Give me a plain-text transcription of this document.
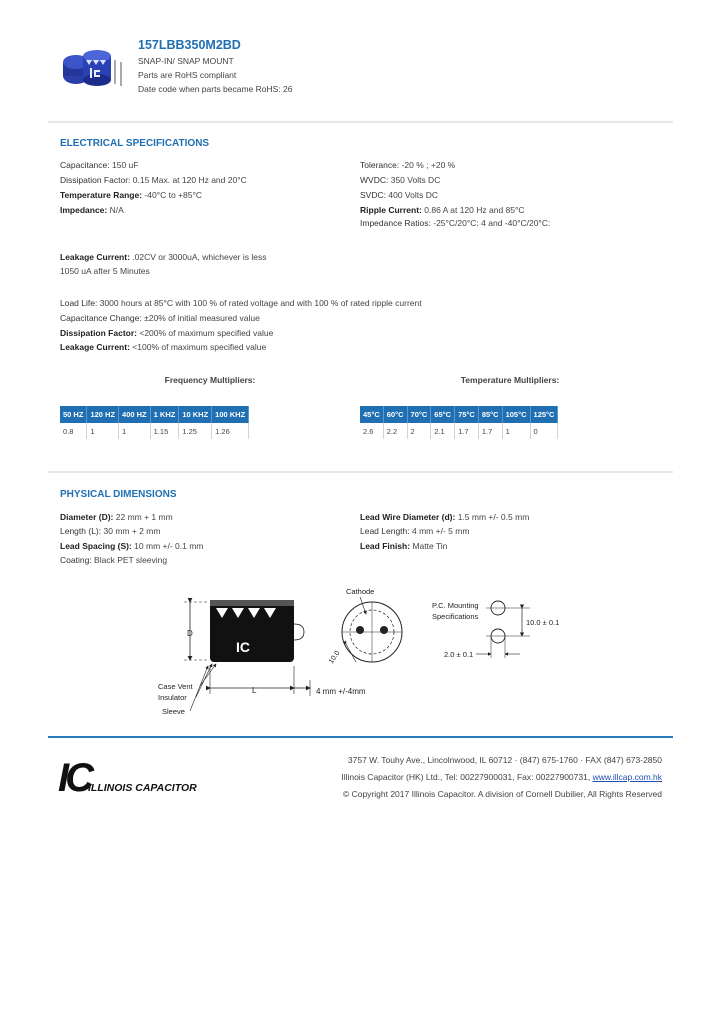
157LBB350M2BD
SNAP-IN/ SNAP MOUNT
Parts are RoHS compliant
Date code when parts became RoHS: 26
ELECTRICAL SPECIFICATIONS
Capacitance: 150 uF
Dissipation Factor: 0.15 Max. at 120 Hz and 20°C
Temperature Range: -40°C to +85°C
Impedance: N/A
Tolerance: -20 % ; +20 %
WVDC: 350 Volts DC
SVDC: 400 Volts DC
Ripple Current: 0.86 A at 120 Hz and 85°C
Impedance Ratios: -25°C/20°C: 4 and -40°C/20°C:
Leakage Current: .02CV or 3000uA, whichever is less
1050 uA after 5 Minutes
Load Life: 3000 hours at 85°C with 100 % of rated voltage and with 100 % of rated ripple current
Capacitance Change: ±20% of initial measured value
Dissipation Factor: <200% of maximum specified value
Leakage Current: <100% of maximum specified value
Frequency Multipliers:
50 HZ	120 HZ	400 HZ	1 KHZ	10 KHZ	100 KHZ
0.8	1	1	1.15	1.25	1.26
Temperature Multipliers:
45°C	60°C	70°C	65°C	75°C	85°C	105°C	125°C
2.6	2.2	2	2.1	1.7	1.7	1	0
PHYSICAL DIMENSIONS
Diameter (D): 22 mm + 1 mm
Length (L): 30 mm + 2 mm
Lead Spacing (S): 10 mm +/- 0.1 mm
Coating: Black PET sleeving
Lead Wire Diameter (d): 1.5 mm +/- 0.5 mm
Lead Length: 4 mm +/- 5 mm
Lead Finish: Matte Tin
D
IC
L	4 mm +/-4mm
Case Vent
Insulator
Sleeve
Cathode
10.0
P.C. Mounting
Specifications
10.0 ± 0.1
2.0 ± 0.1
IC
ILLINOIS CAPACITOR
3757 W. Touhy Ave., Lincolnwood, IL 60712 · (847) 675-1760 · FAX (847) 673-2850
Illinois Capacitor (HK) Ltd., Tel: 00227900031, Fax: 00227900731, www.illcap.com.hk
© Copyright 2017 Illinois Capacitor. A division of Cornell Dubilier, All Rights Reserved
